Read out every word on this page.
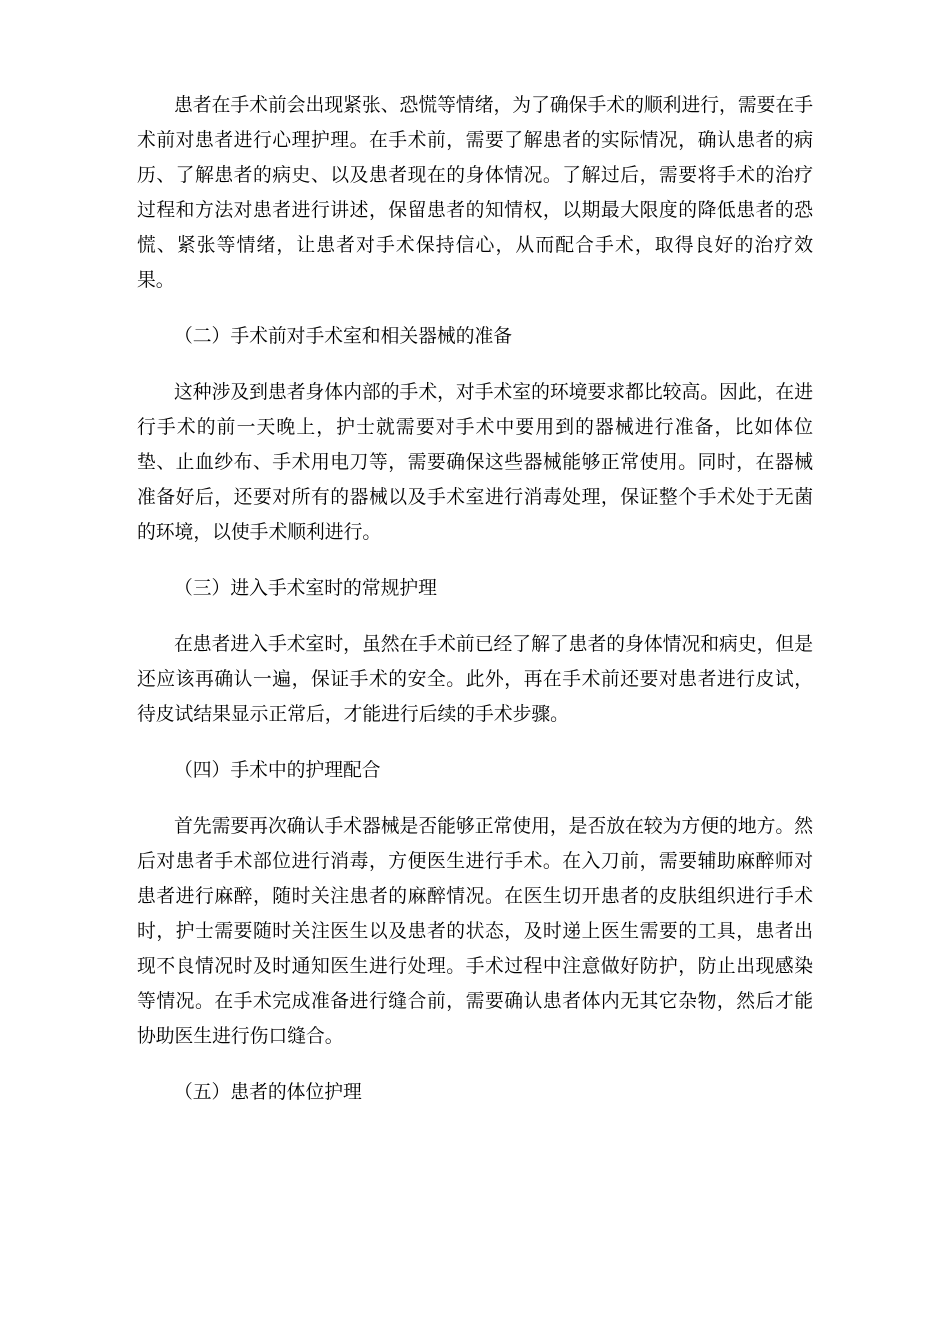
患者在手术前会出现紧张、恐慌等情绪，为了确保手术的顺利进行，需要在手术前对患者进行心理护理。在手术前，需要了解患者的实际情况，确认患者的病历、了解患者的病史、以及患者现在的身体情况。了解过后，需要将手术的治疗过程和方法对患者进行讲述，保留患者的知情权，以期最大限度的降低患者的恐慌、紧张等情绪，让患者对手术保持信心，从而配合手术，取得良好的治疗效果。

（二）手术前对手术室和相关器械的准备

这种涉及到患者身体内部的手术，对手术室的环境要求都比较高。因此，在进行手术的前一天晚上，护士就需要对手术中要用到的器械进行准备，比如体位垫、止血纱布、手术用电刀等，需要确保这些器械能够正常使用。同时，在器械准备好后，还要对所有的器械以及手术室进行消毒处理，保证整个手术处于无菌的环境，以使手术顺利进行。

（三）进入手术室时的常规护理

在患者进入手术室时，虽然在手术前已经了解了患者的身体情况和病史，但是还应该再确认一遍，保证手术的安全。此外，再在手术前还要对患者进行皮试，待皮试结果显示正常后，才能进行后续的手术步骤。

（四）手术中的护理配合

首先需要再次确认手术器械是否能够正常使用，是否放在较为方便的地方。然后对患者手术部位进行消毒，方便医生进行手术。在入刀前，需要辅助麻醉师对患者进行麻醉，随时关注患者的麻醉情况。在医生切开患者的皮肤组织进行手术时，护士需要随时关注医生以及患者的状态，及时递上医生需要的工具，患者出现不良情况时及时通知医生进行处理。手术过程中注意做好防护，防止出现感染等情况。在手术完成准备进行缝合前，需要确认患者体内无其它杂物，然后才能协助医生进行伤口缝合。

（五）患者的体位护理
